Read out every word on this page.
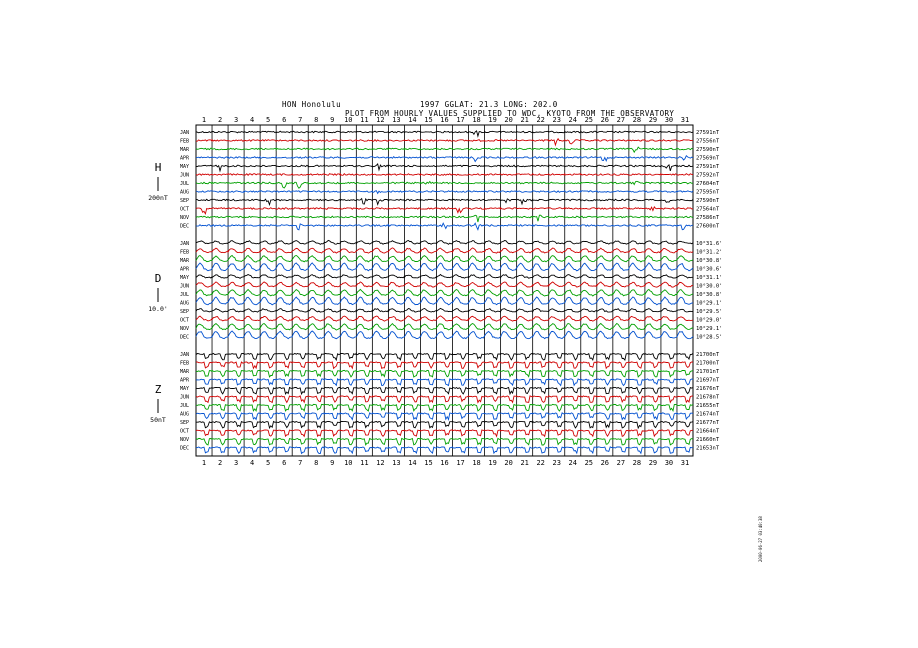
HON Honolulu	1997 GGLAT: 21.3 LONG: 202.0
PLOT FROM HOURLY VALUES SUPPLIED TO WDC, KYOTO FROM THE OBSERVATORY
1
1
2
2
3
3
4
4
5
5
6
6
7
7
8
8
9
9
10
10
11
11
12
12
13
13
14
14
15
15
16
16
17
17
18
18
19
19
20
20
21
21
22
22
23
23
24
24
25
25
26
26
27
27
28
28
29
29
30
30
31
31
H
200nT
JAN	27591nT
FEB	27556nT
MAR	27590nT
APR	27569nT
MAY	27591nT
JUN	27592nT
JUL	27604nT
AUG	27595nT
SEP	27590nT
OCT	27564nT
NOV	27586nT
DEC	27600nT
D
10.0'
JAN	10°31.6'
FEB	10°31.2'
MAR	10°30.8'
APR	10°30.6'
MAY	10°31.1'
JUN	10°30.0'
JUL	10°30.8'
AUG	10°29.1'
SEP	10°29.5'
OCT	10°29.0'
NOV	10°29.1'
DEC	10°28.5'
Z
50nT
JAN	21700nT
FEB	21700nT
MAR	21701nT
APR	21697nT
MAY	21676nT
JUN	21678nT
JUL	21655nT
AUG	21674nT
SEP	21677nT
OCT	21664nT
NOV	21660nT
DEC	21653nT
2000-06-27 03:40:38
